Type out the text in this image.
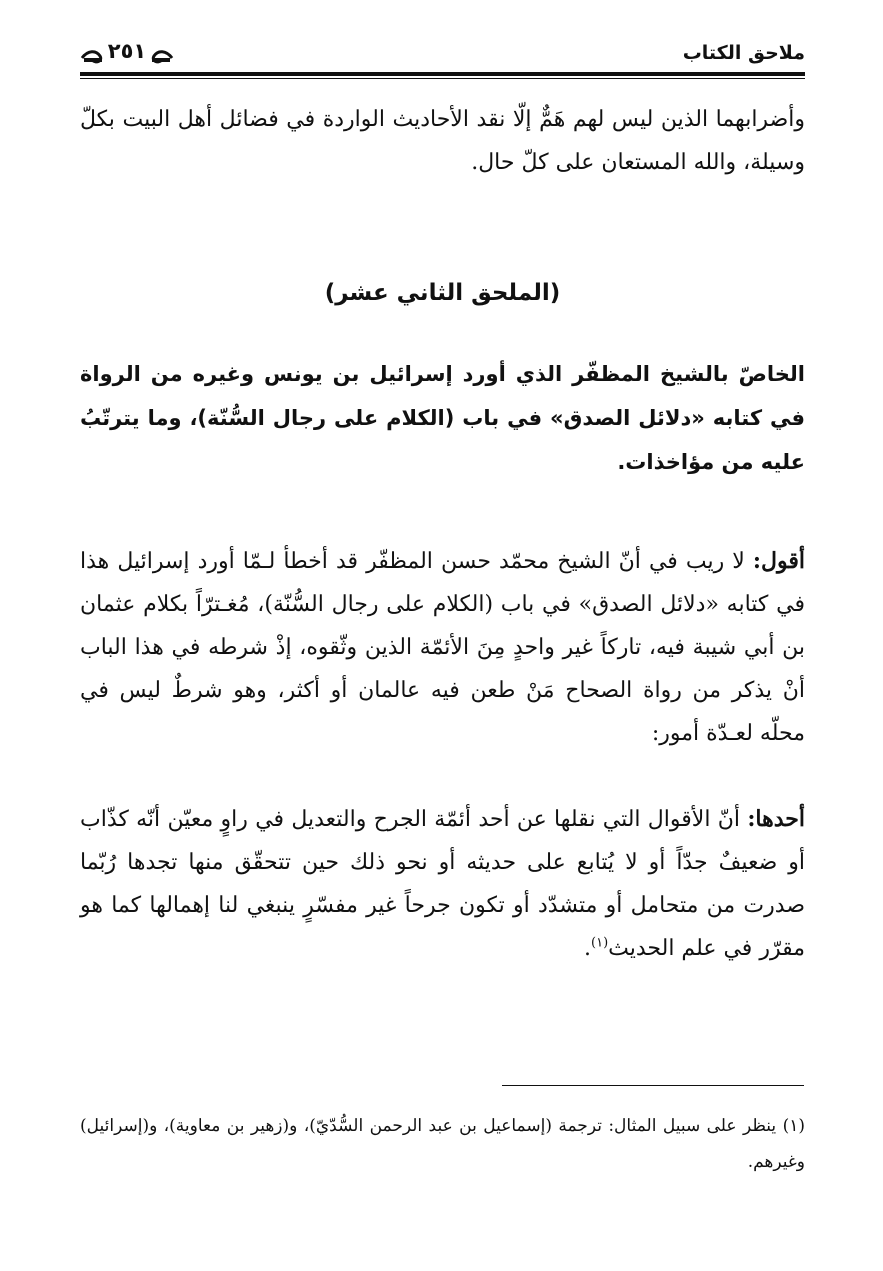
٢٥١	ملاحق الكتاب

وأضرابهما الذين ليس لهم هَمٌّ إلّا نقد الأحاديث الواردة في فضائل أهل البيت بكلّ وسيلة، والله المستعان على كلّ حال.

(الملحق الثاني عشر)

الخاصّ بالشيخ المظفّر الذي أورد إسرائيل بن يونس وغيره من الرواة في كتابه «دلائل الصدق» في باب (الكلام على رجال السُّنّة)، وما يترتّبُ عليه من مؤاخذات.

أقول: لا ريب في أنّ الشيخ محمّد حسن المظفّر قد أخطأ لـمّا أورد إسرائيل هذا في كتابه «دلائل الصدق» في باب (الكلام على رجال السُّنّة)، مُغـترّاً بكلام عثمان بن أبي شيبة فيه، تاركاً غير واحدٍ مِنَ الأئمّة الذين وثّقوه، إذْ شرطه في هذا الباب أنْ يذكر من رواة الصحاح مَنْ طعن فيه عالمان أو أكثر، وهو شرطٌ ليس في محلّه لعـدّة أمور:

أحدها: أنّ الأقوال التي نقلها عن أحد أئمّة الجرح والتعديل في راوٍ معيّن أنّه كذّاب أو ضعيفٌ جدّاً أو لا يُتابع على حديثه أو نحو ذلك حين تتحقّق منها تجدها رُبّما صدرت من متحامل أو متشدّد أو تكون جرحاً غير مفسّرٍ ينبغي لنا إهمالها كما هو مقرّر في علم الحديث$^{(١)}$.

(١) ينظر على سبيل المثال: ترجمة (إسماعيل بن عبد الرحمن السُّدّيّ)، و(زهير بن معاوية)، و(إسرائيل) وغيرهم.
